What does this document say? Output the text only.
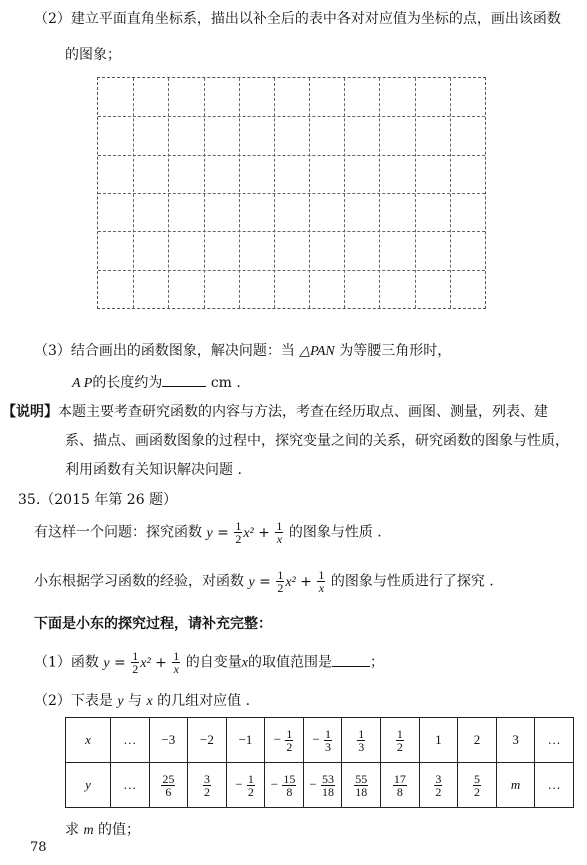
（2）建立平面直角坐标系，描出以补全后的表中各对对应值为坐标的点，画出该函数
的图象；
（3）结合画出的函数图象，解决问题：当 △PAN 为等腰三角形时，
A P的长度约为	cm .
【说明】本题主要考查研究函数的内容与方法，考查在经历取点、画图、测量，列表、建
系、描点、画函数图象的过程中，探究变量之间的关系，研究函数的图象与性质，
利用函数有关知识解决问题 .
35.（2015 年第 26 题）
有这样一个问题：探究函数 $y = \frac{1}{2} x^2 + \frac{1}{x}$ 的图象与性质 .
小东根据学习函数的经验，对函数 $y = \frac{1}{2} x^2 + \frac{1}{x}$ 的图象与性质进行了探究 .
下面是小东的探究过程，请补充完整：
（1）函数 $y = \frac{1}{2} x^2 + \frac{1}{x}$ 的自变量x的取值范围是	；
（2）下表是 y 与 x 的几组对应值 .
x	…	−3	−2	−1	− $\frac{1}{2}$	− $\frac{1}{3}$	$\frac{1}{3}$	$\frac{1}{2}$	1	2	3	…
y	…	$\frac{25}{6}$	$\frac{3}{2}$	− $\frac{1}{2}$	− $\frac{15}{8}$	− $\frac{53}{18}$	$\frac{55}{18}$	$\frac{17}{8}$	$\frac{3}{2}$	$\frac{5}{2}$	m	…
求 m 的值；
78
